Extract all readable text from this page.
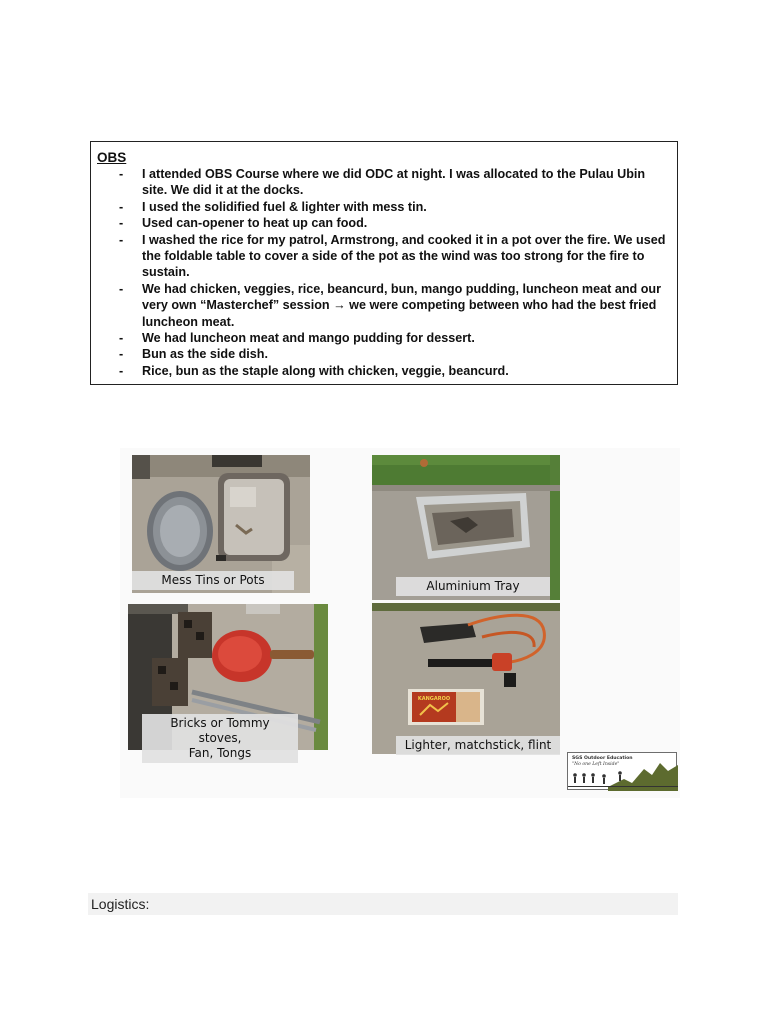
OBS
- I attended OBS Course where we did ODC at night. I was allocated to the Pulau Ubin site. We did it at the docks.
- I used the solidified fuel & lighter with mess tin.
- Used can-opener to heat up can food.
- I washed the rice for my patrol, Armstrong, and cooked it in a pot over the fire. We used the foldable table to cover a side of the pot as the wind was too strong for the fire to sustain.
- We had chicken, veggies, rice, beancurd, bun, mango pudding, luncheon meat and our very own “Masterchef” session → we were competing between who had the best fried luncheon meat.
- We had luncheon meat and mango pudding for dessert.
- Bun as the side dish.
- Rice, bun as the staple along with chicken, veggie, beancurd.
Mess Tins or Pots	Aluminium Tray
Bricks or Tommy stoves,
Fan, Tongs
KANGAROO
Lighter, matchstick, flint
SGS Outdoor Education
"No one Left Inside"
Logistics:
